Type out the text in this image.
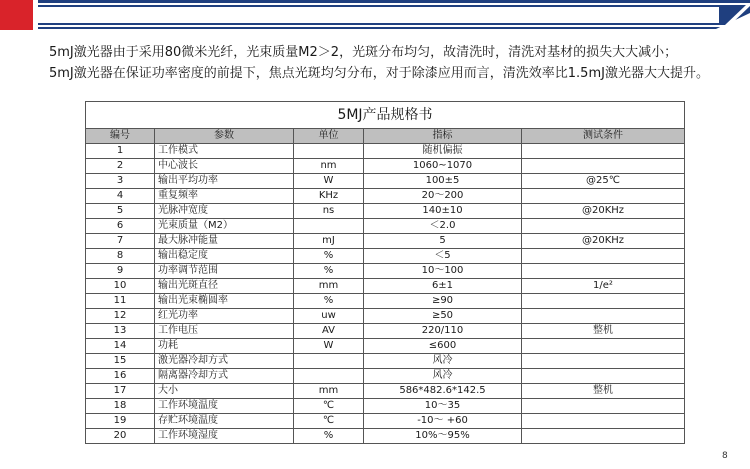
5mJ激光器由于采用80微米光纤，光束质量M2＞2，光斑分布均匀，故清洗时，清洗对基材的损失大大减小；

5mJ激光器在保证功率密度的前提下，焦点光斑均匀分布，对于除漆应用而言，清洗效率比1.5mJ激光器大大提升。

5MJ产品规格书				
编号	参数	单位	指标	测试条件
1	工作模式		随机偏振	
2	中心波长	nm	1060~1070	
3	输出平均功率	W	100±5	@25℃
4	重复频率	KHz	20～200	
5	光脉冲宽度	ns	140±10	@20KHz
6	光束质量（M2）		＜2.0	
7	最大脉冲能量	mJ	5	@20KHz
8	输出稳定度	%	＜5	
9	功率调节范围	%	10～100	
10	输出光斑直径	mm	6±1	1/e²
11	输出光束椭圆率	%	≥90	
12	红光功率	uw	≥50	
13	工作电压	AV	220/110	整机
14	功耗	W	≤600	
15	激光器冷却方式		风冷	
16	隔离器冷却方式		风冷	
17	大小	mm	586*482.6*142.5	整机
18	工作环境温度	℃	10～35	
19	存贮环境温度	℃	-10～ +60	
20	工作环境湿度	%	10%～95%	
8
